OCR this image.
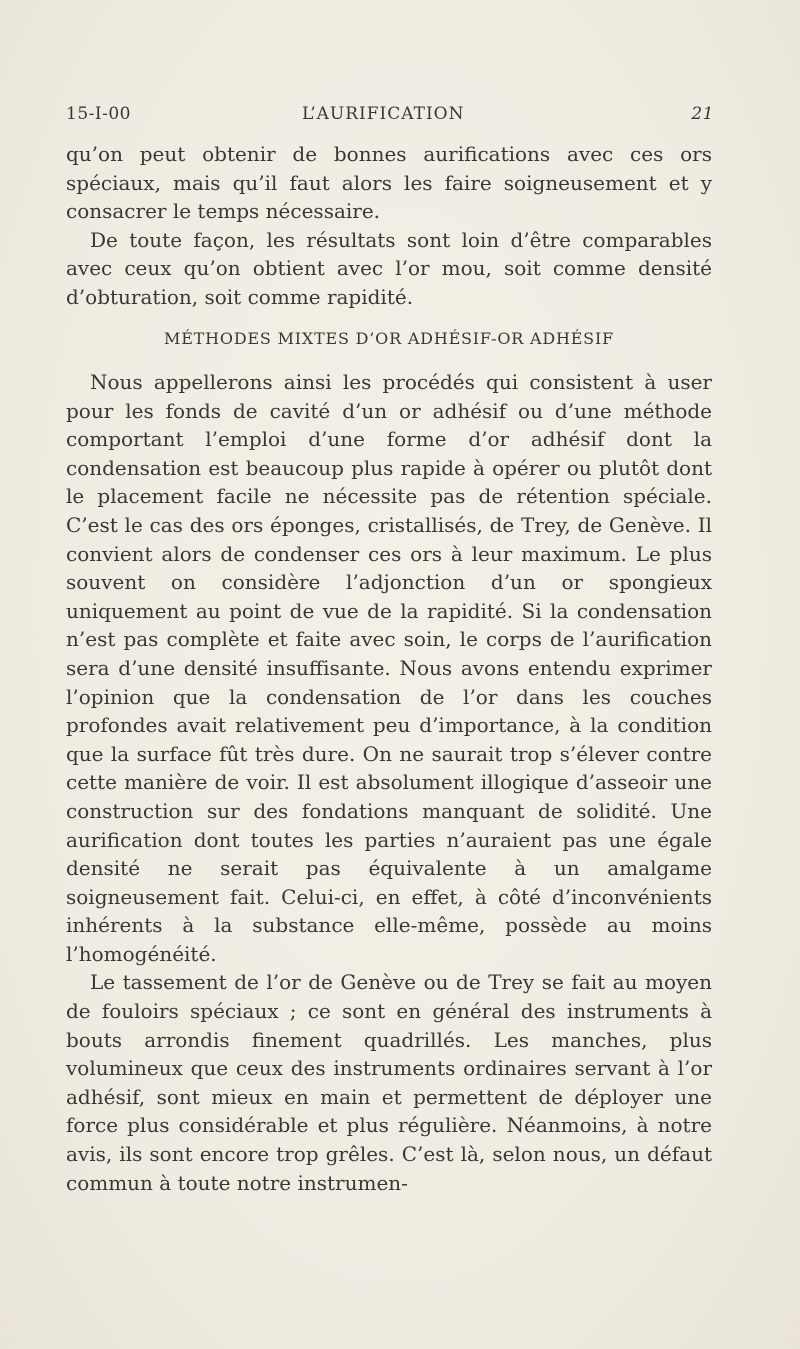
15-I-00	L’AURIFICATION	21

qu’on peut obtenir de bonnes aurifications avec ces ors spéciaux, mais qu’il faut alors les faire soigneusement et y consacrer le temps nécessaire.

De toute façon, les résultats sont loin d’être comparables avec ceux qu’on obtient avec l’or mou, soit comme densité d’obturation, soit comme rapidité.

MÉTHODES MIXTES D’OR ADHÉSIF-OR ADHÉSIF

Nous appellerons ainsi les procédés qui consistent à user pour les fonds de cavité d’un or adhésif ou d’une méthode comportant l’emploi d’une forme d’or adhésif dont la condensation est beaucoup plus rapide à opérer ou plutôt dont le placement facile ne nécessite pas de rétention spéciale. C’est le cas des ors éponges, cristallisés, de Trey, de Genève. Il convient alors de condenser ces ors à leur maximum. Le plus souvent on considère l’adjonction d’un or spongieux uniquement au point de vue de la rapidité. Si la condensation n’est pas complète et faite avec soin, le corps de l’aurification sera d’une densité insuffisante. Nous avons entendu exprimer l’opinion que la condensation de l’or dans les couches profondes avait relativement peu d’importance, à la condition que la surface fût très dure. On ne saurait trop s’élever contre cette manière de voir. Il est absolument illogique d’asseoir une construction sur des fondations manquant de solidité. Une aurification dont toutes les parties n’auraient pas une égale densité ne serait pas équivalente à un amalgame soigneusement fait. Celui-ci, en effet, à côté d’inconvénients inhérents à la substance elle-même, possède au moins l’homogénéité.

Le tassement de l’or de Genève ou de Trey se fait au moyen de fouloirs spéciaux ; ce sont en général des instruments à bouts arrondis finement quadrillés. Les manches, plus volumineux que ceux des instruments ordinaires servant à l’or adhésif, sont mieux en main et permettent de déployer une force plus considérable et plus régulière. Néanmoins, à notre avis, ils sont encore trop grêles. C’est là, selon nous, un défaut commun à toute notre instrumen-
